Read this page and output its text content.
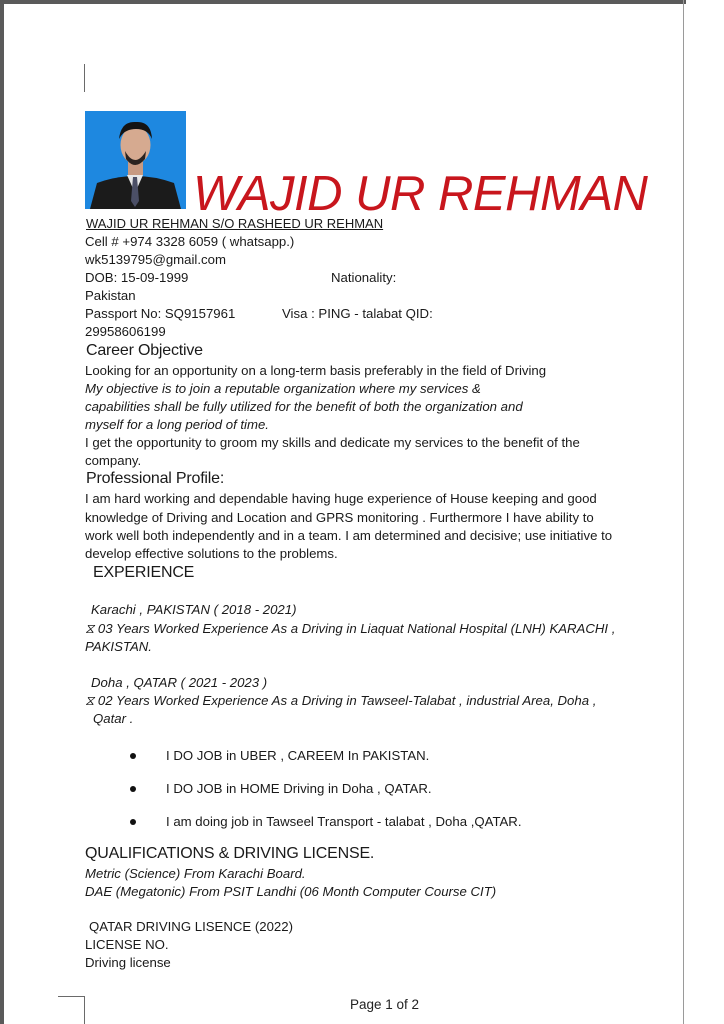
WAJID UR REHMAN
WAJID UR REHMAN S/O RASHEED UR REHMAN
Cell # +974 3328 6059 ( whatsapp.)
wk5139795@gmail.com
DOB: 15-09-1999	Nationality:
Pakistan
Passport No: SQ9157961	Visa : PING - talabat QID:
29958606199
Career Objective
Looking for an opportunity on a long-term basis preferably in the field of Driving
My objective is to join a reputable organization where my services &
capabilities shall be fully utilized for the benefit of both the organization and
myself for a long period of time.
I get the opportunity to groom my skills and dedicate my services to the benefit of the
company.
Professional Profile:
I am hard working and dependable having huge experience of House keeping and good
knowledge of Driving and Location and GPRS monitoring . Furthermore I have ability to
work well both independently and in a team. I am determined and decisive; use initiative to
develop effective solutions to the problems.
EXPERIENCE
Karachi , PAKISTAN ( 2018 - 2021)
⧖ 03 Years Worked Experience As a Driving in Liaquat National Hospital (LNH) KARACHI ,
PAKISTAN.
Doha , QATAR ( 2021 - 2023 )
⧖ 02 Years Worked Experience As a Driving in Tawseel-Talabat , industrial Area, Doha ,
Qatar .
I DO JOB in UBER , CAREEM In PAKISTAN.
I DO JOB in HOME Driving in Doha , QATAR.
I am doing job in Tawseel Transport - talabat , Doha ,QATAR.
QUALIFICATIONS & DRIVING LICENSE.
Metric (Science) From Karachi Board.
DAE (Megatonic) From PSIT Landhi (06 Month Computer Course CIT)
QATAR DRIVING LISENCE (2022)
LICENSE NO.
Driving license
Page 1 of 2
